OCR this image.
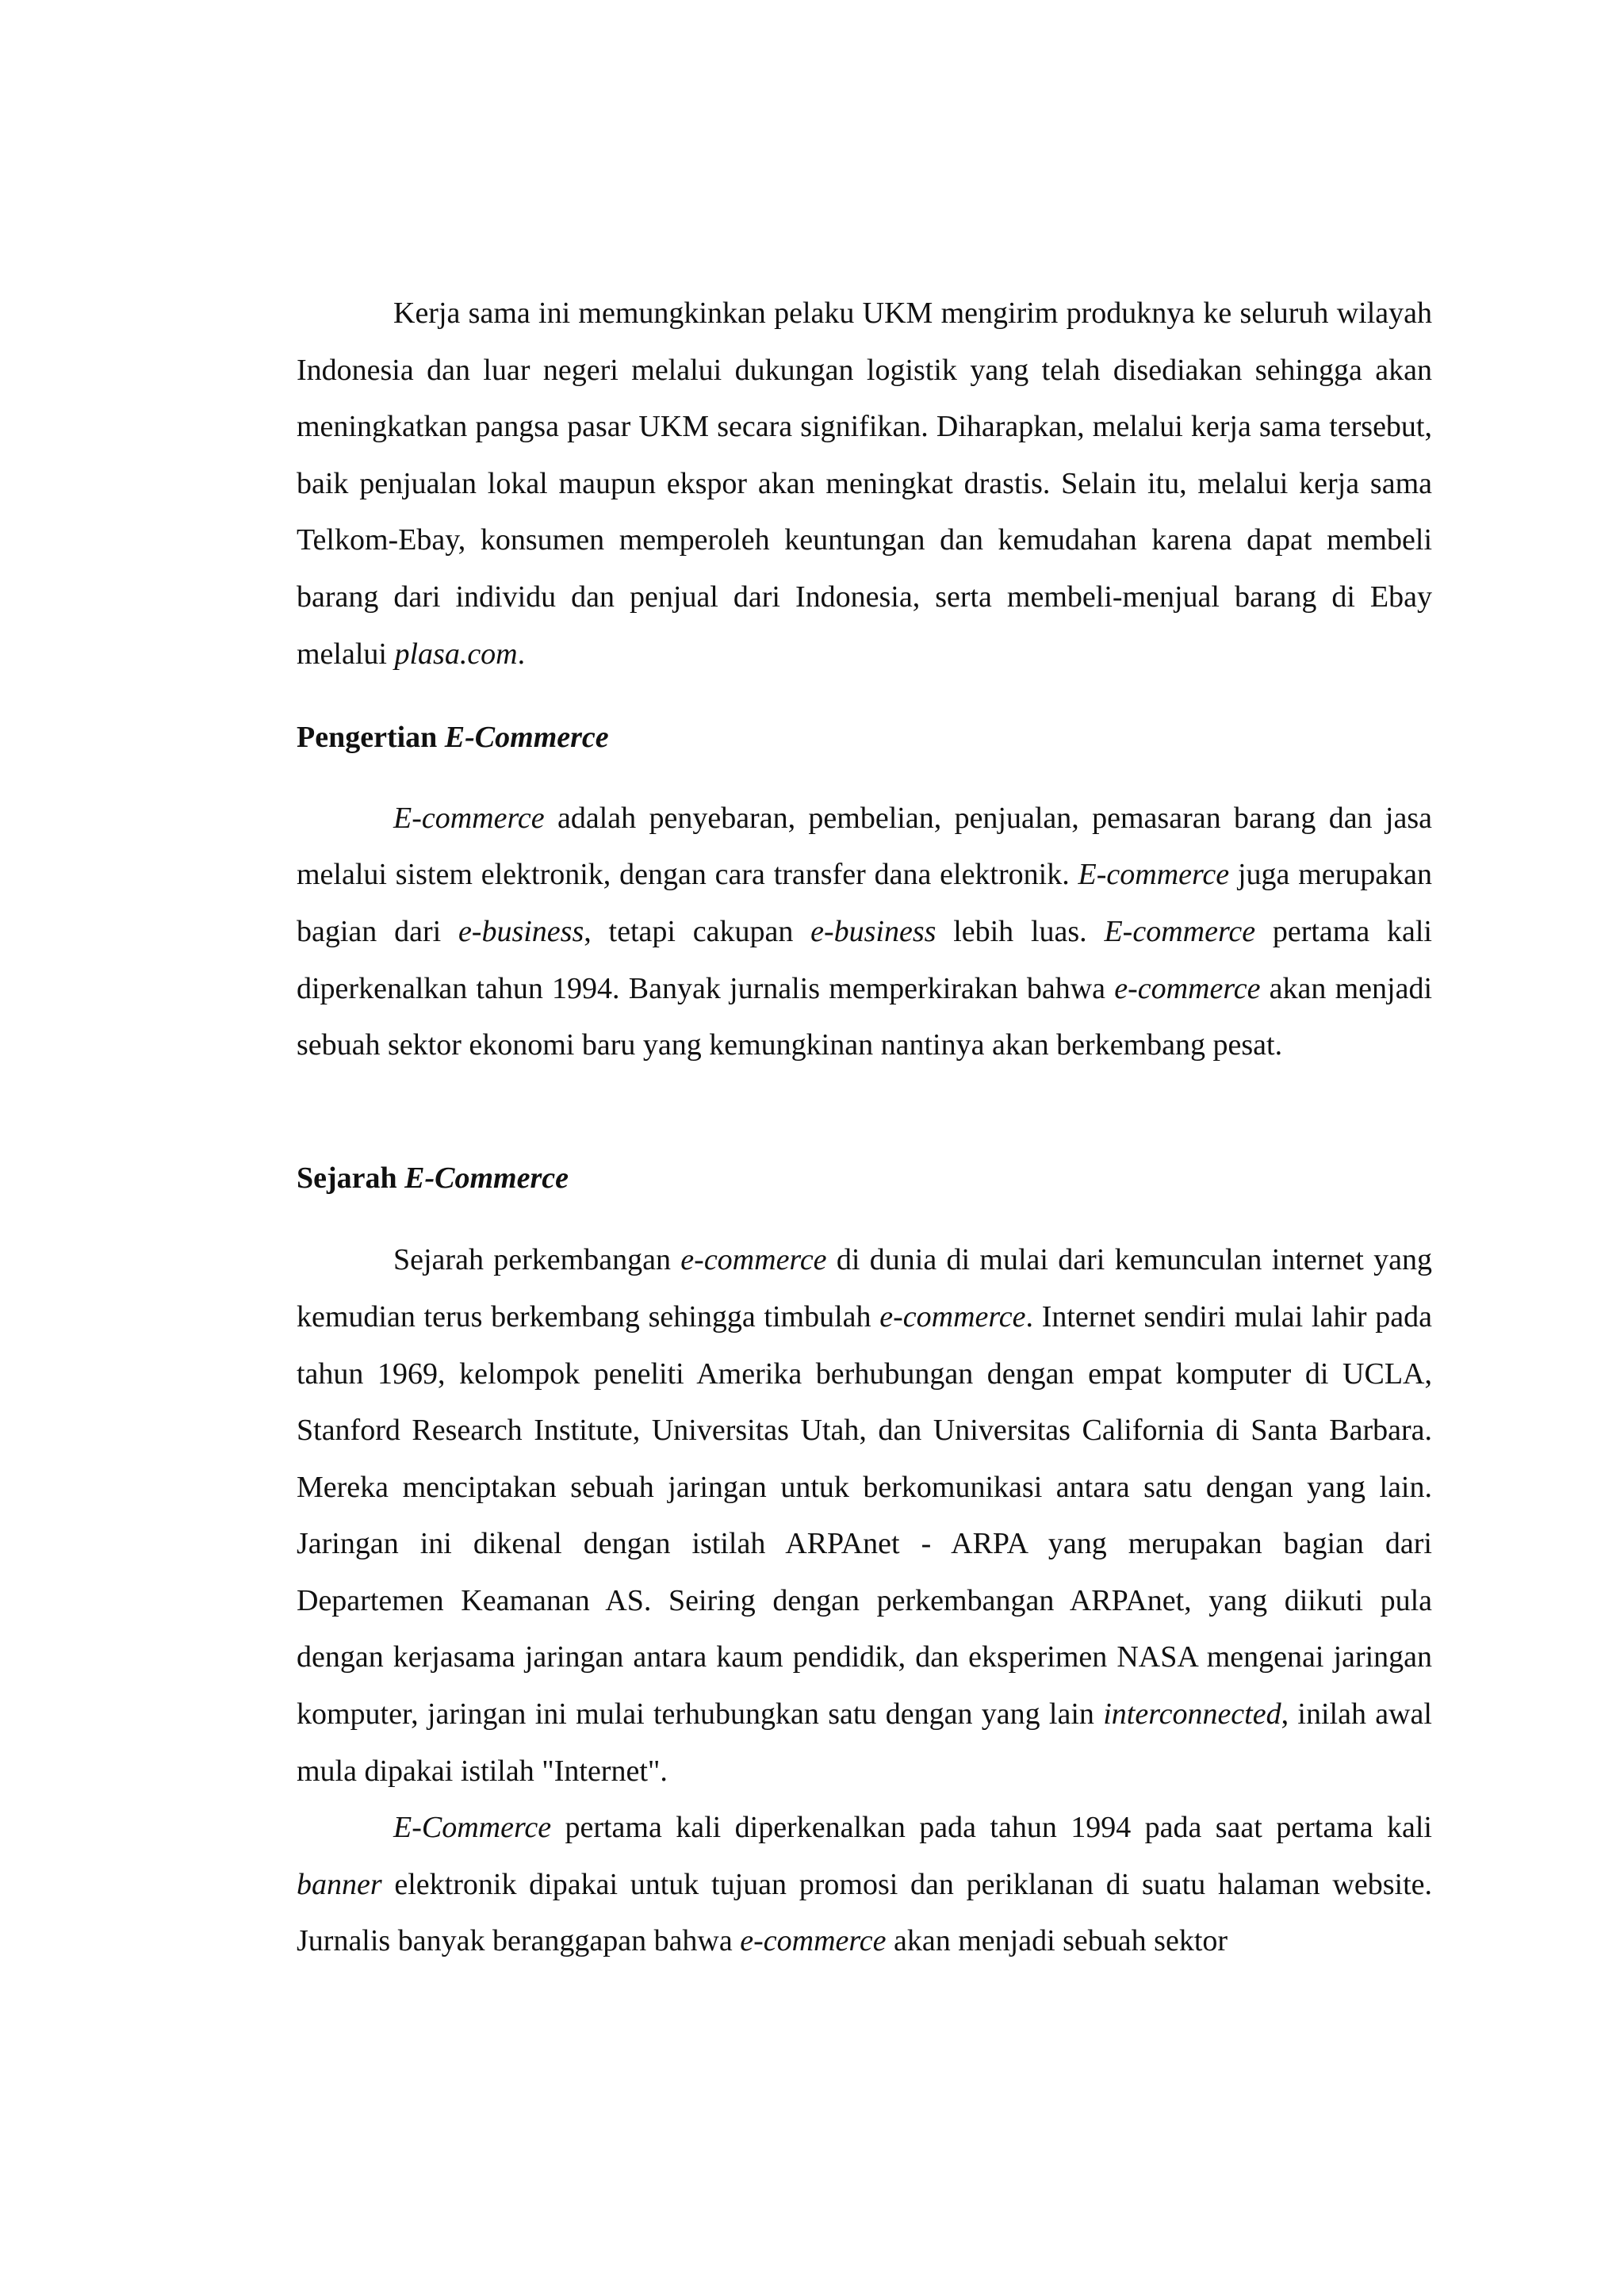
Kerja sama ini memungkinkan pelaku UKM mengirim produknya ke seluruh wilayah Indonesia dan luar negeri melalui dukungan logistik yang telah disediakan sehingga akan meningkatkan pangsa pasar UKM secara signifikan. Diharapkan, melalui kerja sama tersebut, baik penjualan lokal maupun ekspor akan meningkat drastis. Selain itu, melalui kerja sama Telkom-Ebay, konsumen memperoleh keuntungan dan kemudahan karena dapat membeli barang dari individu dan penjual dari Indonesia, serta membeli-menjual barang di Ebay melalui plasa.com.

Pengertian E-Commerce

E-commerce adalah penyebaran, pembelian, penjualan, pemasaran barang dan jasa melalui sistem elektronik, dengan cara transfer dana elektronik. E-commerce juga merupakan bagian dari e-business, tetapi cakupan e-business lebih luas. E-commerce pertama kali diperkenalkan tahun 1994. Banyak jurnalis memperkirakan bahwa e-commerce akan menjadi sebuah sektor ekonomi baru yang kemungkinan nantinya akan berkembang pesat.

Sejarah E-Commerce

Sejarah perkembangan e-commerce di dunia di mulai dari kemunculan internet yang kemudian terus berkembang sehingga timbulah e-commerce. Internet sendiri mulai lahir pada tahun 1969, kelompok peneliti Amerika berhubungan dengan empat komputer di UCLA, Stanford Research Institute, Universitas Utah, dan Universitas California di Santa Barbara. Mereka menciptakan sebuah jaringan untuk berkomunikasi antara satu dengan yang lain. Jaringan ini dikenal dengan istilah ARPAnet - ARPA yang merupakan bagian dari Departemen Keamanan AS. Seiring dengan perkembangan ARPAnet, yang diikuti pula dengan kerjasama jaringan antara kaum pendidik, dan eksperimen NASA mengenai jaringan komputer, jaringan ini mulai terhubungkan satu dengan yang lain interconnected, inilah awal mula dipakai istilah "Internet".

E-Commerce pertama kali diperkenalkan pada tahun 1994 pada saat pertama kali banner elektronik dipakai untuk tujuan promosi dan periklanan di suatu halaman website. Jurnalis banyak beranggapan bahwa e-commerce akan menjadi sebuah sektor
